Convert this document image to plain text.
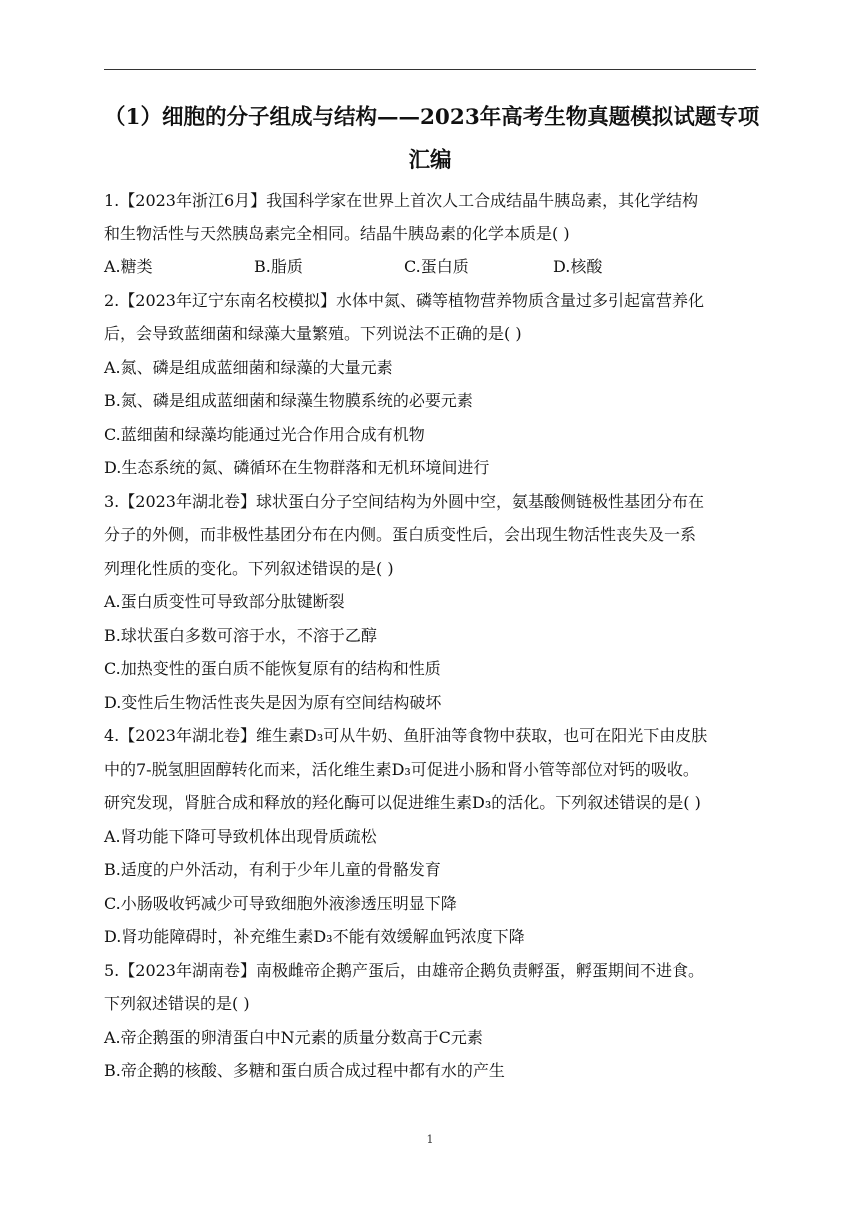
（1）细胞的分子组成与结构——2023年高考生物真题模拟试题专项
汇编
1.【2023年浙江6月】我国科学家在世界上首次人工合成结晶牛胰岛素，其化学结构
和生物活性与天然胰岛素完全相同。结晶牛胰岛素的化学本质是( )
A.糖类	B.脂质	C.蛋白质	D.核酸
2.【2023年辽宁东南名校模拟】水体中氮、磷等植物营养物质含量过多引起富营养化
后，会导致蓝细菌和绿藻大量繁殖。下列说法不正确的是( )
A.氮、磷是组成蓝细菌和绿藻的大量元素
B.氮、磷是组成蓝细菌和绿藻生物膜系统的必要元素
C.蓝细菌和绿藻均能通过光合作用合成有机物
D.生态系统的氮、磷循环在生物群落和无机环境间进行
3.【2023年湖北卷】球状蛋白分子空间结构为外圆中空，氨基酸侧链极性基团分布在
分子的外侧，而非极性基团分布在内侧。蛋白质变性后，会出现生物活性丧失及一系
列理化性质的变化。下列叙述错误的是( )
A.蛋白质变性可导致部分肽键断裂
B.球状蛋白多数可溶于水，不溶于乙醇
C.加热变性的蛋白质不能恢复原有的结构和性质
D.变性后生物活性丧失是因为原有空间结构破坏
4.【2023年湖北卷】维生素D₃可从牛奶、鱼肝油等食物中获取，也可在阳光下由皮肤
中的7-脱氢胆固醇转化而来，活化维生素D₃可促进小肠和肾小管等部位对钙的吸收。
研究发现，肾脏合成和释放的羟化酶可以促进维生素D₃的活化。下列叙述错误的是( )
A.肾功能下降可导致机体出现骨质疏松
B.适度的户外活动，有利于少年儿童的骨骼发育
C.小肠吸收钙减少可导致细胞外液渗透压明显下降
D.肾功能障碍时，补充维生素D₃不能有效缓解血钙浓度下降
5.【2023年湖南卷】南极雌帝企鹅产蛋后，由雄帝企鹅负责孵蛋，孵蛋期间不进食。
下列叙述错误的是( )
A.帝企鹅蛋的卵清蛋白中N元素的质量分数高于C元素
B.帝企鹅的核酸、多糖和蛋白质合成过程中都有水的产生
1
